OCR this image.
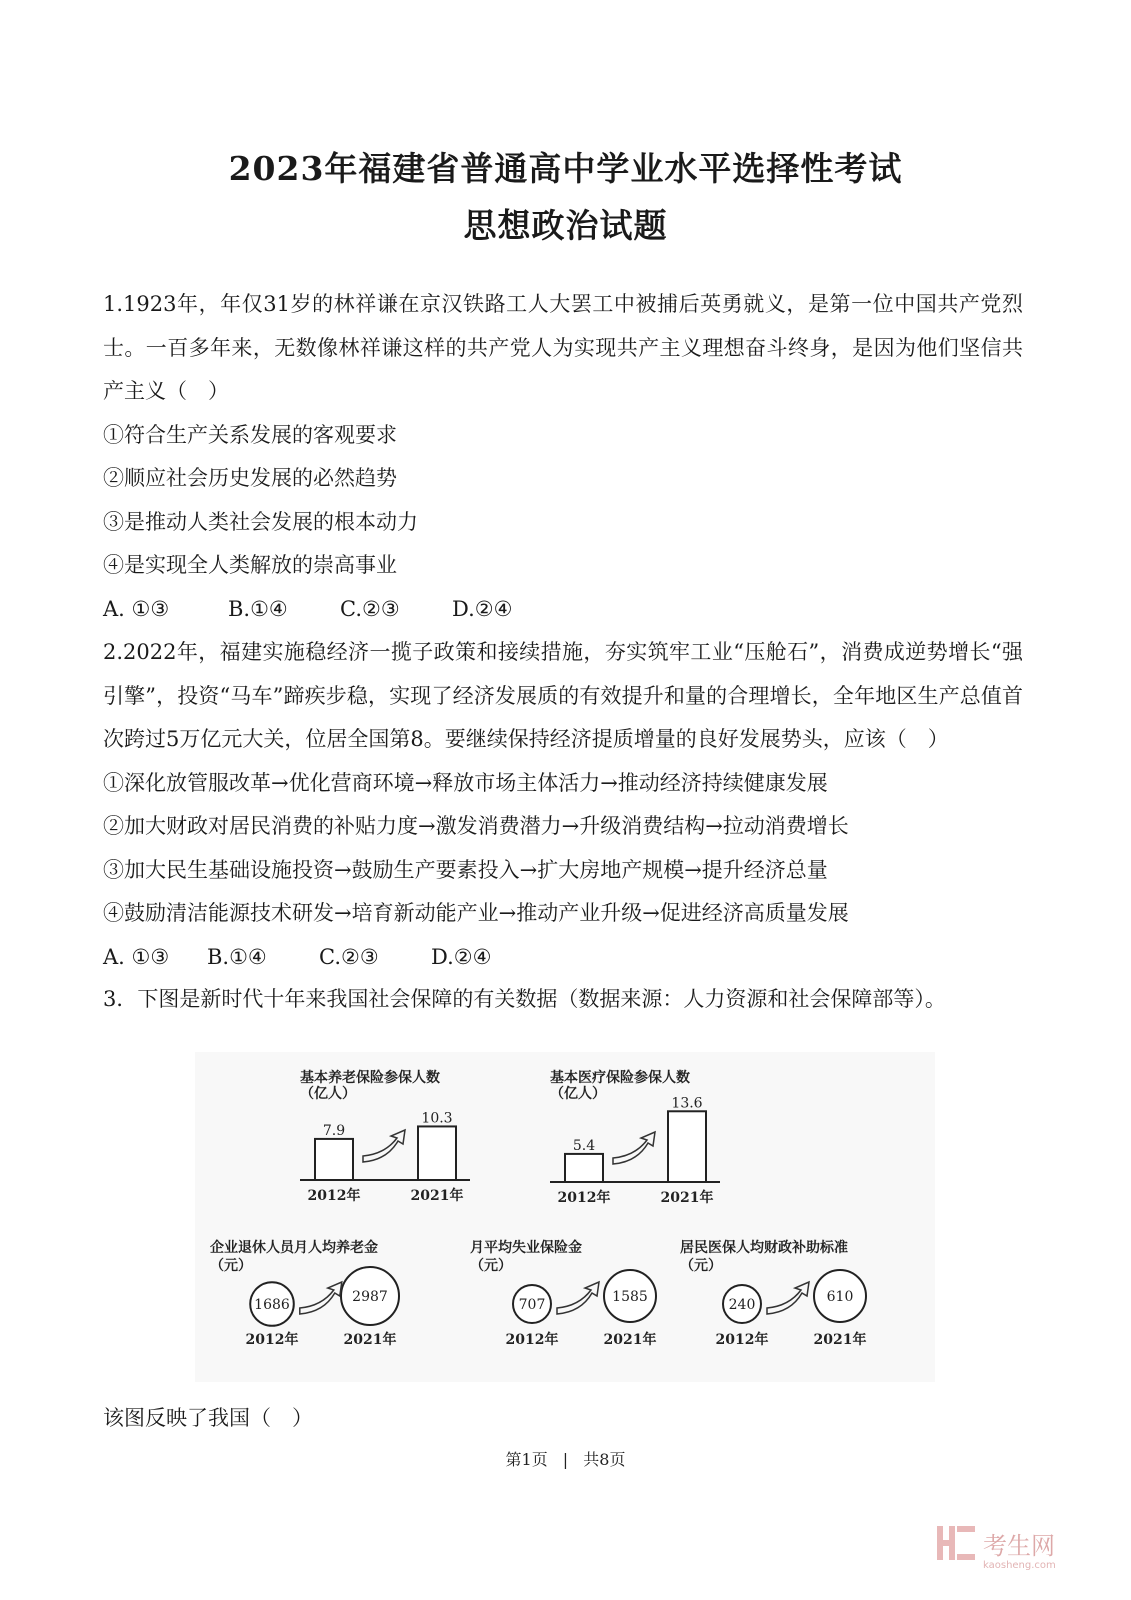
2023年福建省普通高中学业水平选择性考试
思想政治试题

1.1923年，年仅31岁的林祥谦在京汉铁路工人大罢工中被捕后英勇就义，是第一位中国共产党烈士。一百多年来，无数像林祥谦这样的共产党人为实现共产主义理想奋斗终身，是因为他们坚信共产主义（　）

①符合生产关系发展的客观要求

②顺应社会历史发展的必然趋势

③是推动人类社会发展的根本动力

④是实现全人类解放的崇高事业

A. ①③	B.①④ C.②③ D.②④

2.2022年，福建实施稳经济一揽子政策和接续措施，夯实筑牢工业“压舱石”，消费成逆势增长“强引擎”，投资“马车”蹄疾步稳，实现了经济发展质的有效提升和量的合理增长，全年地区生产总值首次跨过5万亿元大关，位居全国第8。要继续保持经济提质增量的良好发展势头，应该（　）

①深化放管服改革→优化营商环境→释放市场主体活力→推动经济持续健康发展

②加大财政对居民消费的补贴力度→激发消费潜力→升级消费结构→拉动消费增长

③加大民生基础设施投资→鼓励生产要素投入→扩大房地产规模→提升经济总量

④鼓励清洁能源技术研发→培育新动能产业→推动产业升级→促进经济高质量发展

A. ①③ B.①④ C.②③ D.②④

3．下图是新时代十年来我国社会保障的有关数据（数据来源：人力资源和社会保障部等）。

基本养老保险参保人数
（亿人）
7.9
2012年
10.3
2021年
基本医疗保险参保人数
（亿人）
5.4
2012年
13.6
2021年
企业退休人员月人均养老金
（元）
1686	2987
2012年	2021年
月平均失业保险金
（元）
707	1585
2012年	2021年
居民医保人均财政补助标准
（元）
240	610
2012年	2021年
该图反映了我国（　）
第1页 | 共8页
考生网
kaosheng.com
